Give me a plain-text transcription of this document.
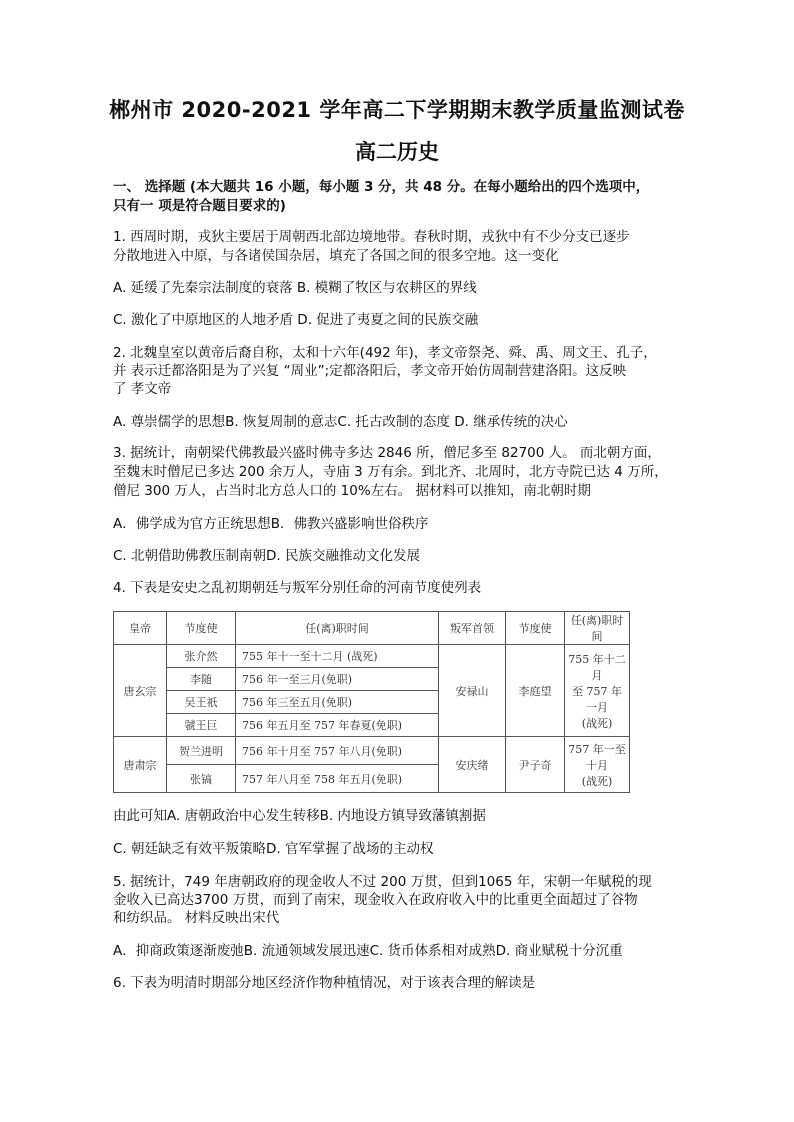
郴州市 2020-2021 学年高二下学期期末教学质量监测试卷
高二历史
一、 选择题 (本大题共 16 小题，每小题 3 分，共 48 分。在每小题给出的四个选项中，
只有一 项是符合题目要求的)
1. 西周时期，戎狄主要居于周朝西北部边境地带。春秋时期，戎狄中有不少分支已逐步
分散地进入中原，与各诸侯国杂居，填充了各国之间的很多空地。这一变化
A. 延缓了先秦宗法制度的衰落 B. 模糊了牧区与农耕区的界线
C. 激化了中原地区的人地矛盾 D. 促进了夷夏之间的民族交融
2. 北魏皇室以黄帝后裔自称，太和十六年(492 年)，孝文帝祭尧、舜、禹、周文王、孔子，
并 表示迁都洛阳是为了兴复 “周业”;定都洛阳后，孝文帝开始仿周制营建洛阳。这反映
了 孝文帝
A. 尊崇儒学的思想B. 恢复周制的意志C. 托古改制的态度 D. 继承传统的决心
3. 据统计，南朝梁代佛教最兴盛时佛寺多达 2846 所，僧尼多至 82700 人。 而北朝方面，
至魏末时僧尼已多达 200 余万人，寺庙 3 万有余。到北齐、北周时，北方寺院已达 4 万所，
僧尼 300 万人，占当时北方总人口的 10%左右。 据材料可以推知，南北朝时期
A．佛学成为官方正统思想B．佛教兴盛影响世俗秩序
C. 北朝借助佛教压制南朝D. 民族交融推动文化发展
4. 下表是安史之乱初期朝廷与叛军分别任命的河南节度使列表
皇帝	节度使	任(离)职时间	叛军首领	节度使	任(离)职时间
唐玄宗	张介然	755 年十一至十二月 (战死)	安禄山	李庭望	755 年十二月
至 757 年一月
(战死)

	李随	756 年一至三月(免职)			
	吴王祇	756 年三至五月(免职)			
	虢王巨	756 年五月至 757 年春夏(免职)			
唐肃宗	贺兰进明	756 年十月至 757 年八月(免职)	安庆绪	尹子奇	757 年一至十月
(战死)

	张镐	757 年八月至 758 年五月(免职)			
由此可知A. 唐朝政治中心发生转移B. 内地设方镇导致藩镇割据
C. 朝廷缺乏有效平叛策略D. 官军掌握了战场的主动权
5. 据统计，749 年唐朝政府的现金收人不过 200 万贯，但到1065 年，宋朝一年赋税的现
金收入已高达3700 万贯，而到了南宋，现金收入在政府收入中的比重更全面超过了谷物
和纺织品。 材料反映出宋代
A．抑商政策逐渐废弛B. 流通领域发展迅速C. 货币体系相对成熟D. 商业赋税十分沉重
6. 下表为明清时期部分地区经济作物种植情况，对于该表合理的解读是
